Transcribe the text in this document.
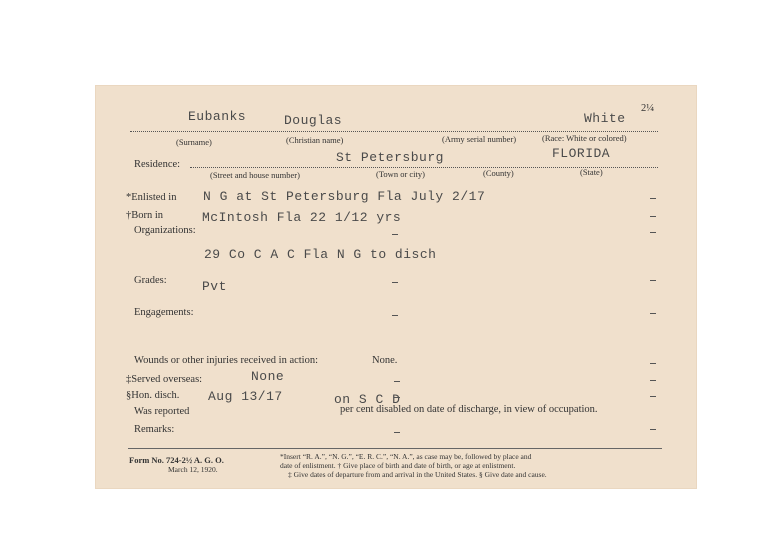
Eubanks	Douglas	White
2¼
(Surname)	(Christian name)	(Army serial number)	(Race: White or colored)
Residence:	St Petersburg	FLORIDA
(Street and house number)	(Town or city)	(County)	(State)
*Enlisted in N G at St Petersburg Fla July 2/17
†Born in	McIntosh Fla 22 1/12 yrs
Organizations:
29 Co C A C Fla N G to disch
Grades:	Pvt
Engagements:
Wounds or other injuries received in action:	None.
‡Served overseas:	None
§Hon. disch. Aug 13/17	on S C D
Was reported	per cent disabled on date of discharge, in view of occupation.
Remarks:
Form No. 724-2½ A. G. O.
March 12, 1920.
*Insert “R. A.”, “N. G.”, “E. R. C.”, “N. A.”, as case may be, followed by place and
date of enlistment. † Give place of birth and date of birth, or age at enlistment.
‡ Give dates of departure from and arrival in the United States. § Give date and cause.
